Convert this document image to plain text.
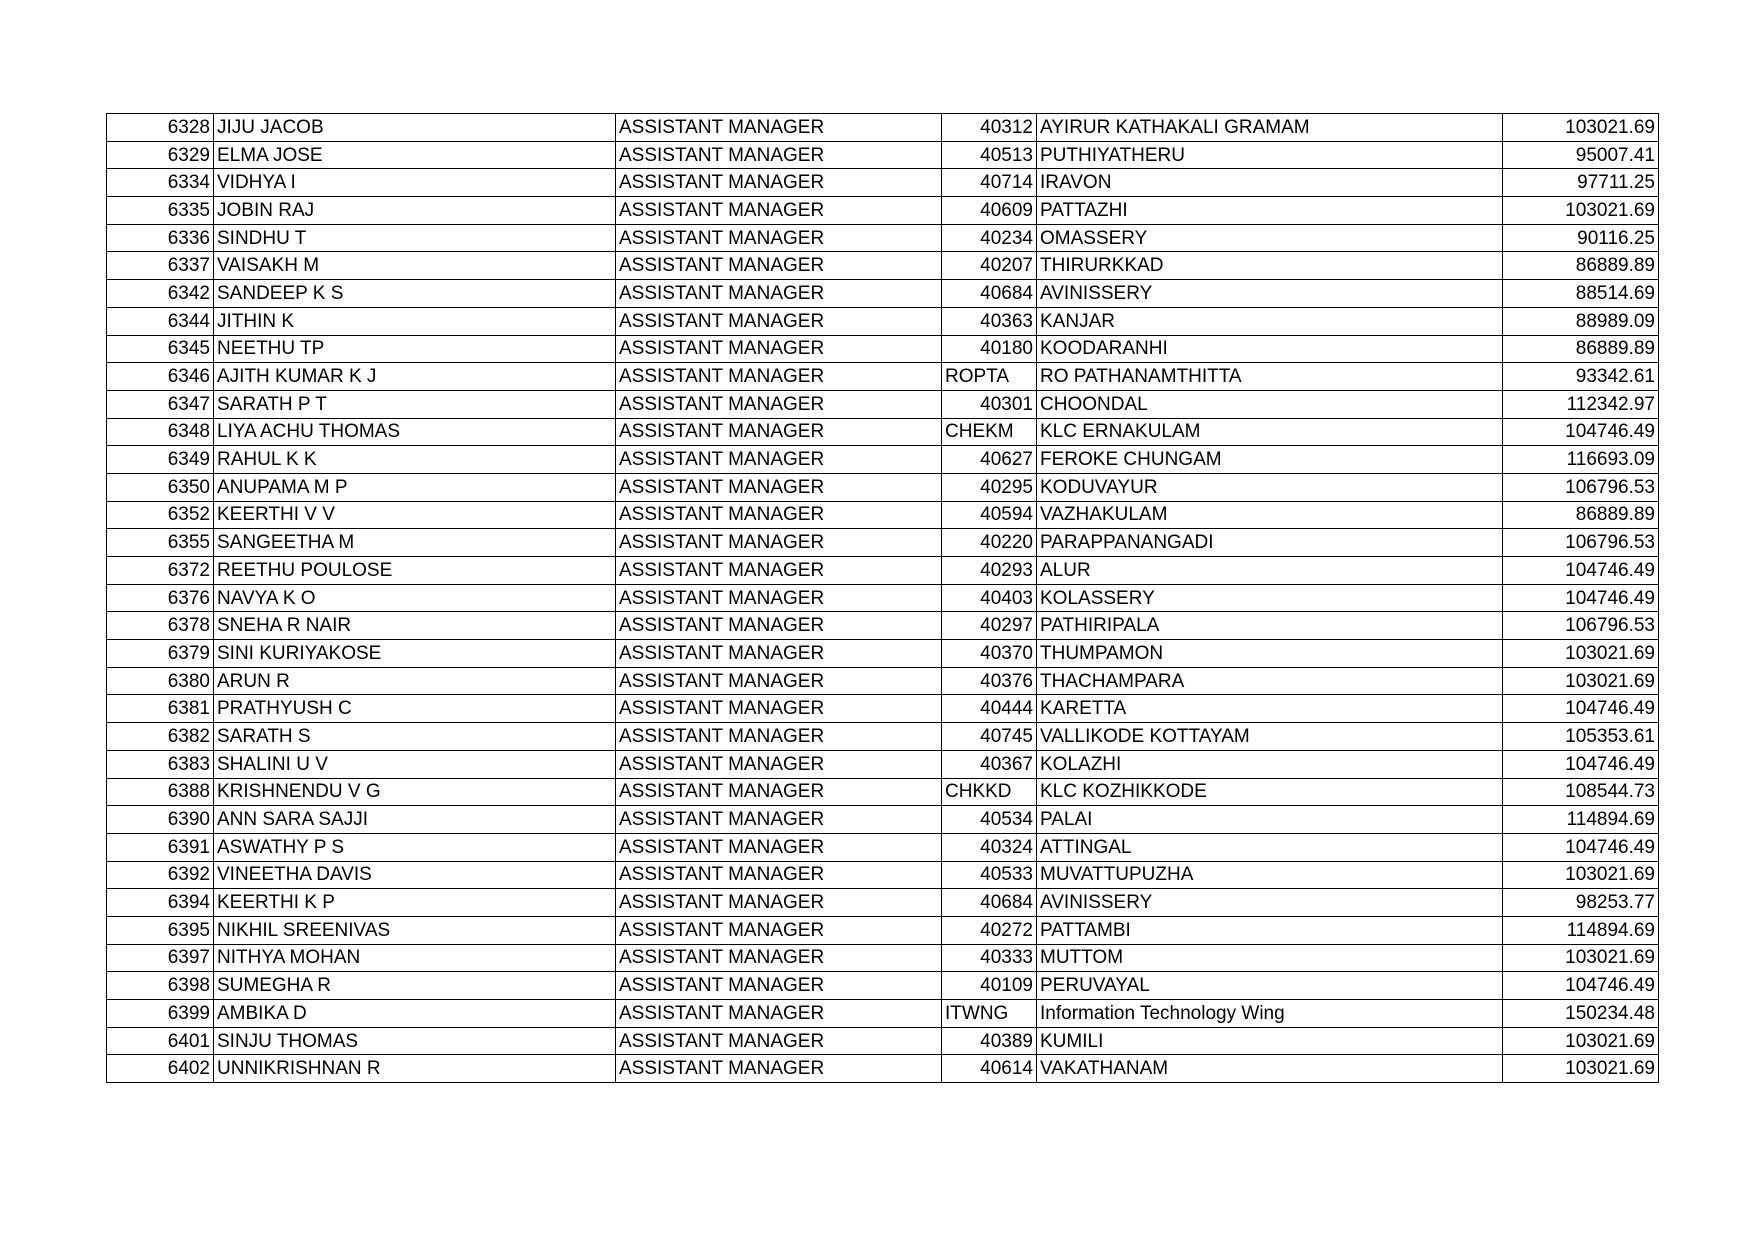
6328	JIJU JACOB	ASSISTANT MANAGER	40312	AYIRUR KATHAKALI GRAMAM	103021.69
6329	ELMA JOSE	ASSISTANT MANAGER	40513	PUTHIYATHERU	95007.41
6334	VIDHYA I	ASSISTANT MANAGER	40714	IRAVON	97711.25
6335	JOBIN RAJ	ASSISTANT MANAGER	40609	PATTAZHI	103021.69
6336	SINDHU T	ASSISTANT MANAGER	40234	OMASSERY	90116.25
6337	VAISAKH M	ASSISTANT MANAGER	40207	THIRURKKAD	86889.89
6342	SANDEEP K S	ASSISTANT MANAGER	40684	AVINISSERY	88514.69
6344	JITHIN K	ASSISTANT MANAGER	40363	KANJAR	88989.09
6345	NEETHU TP	ASSISTANT MANAGER	40180	KOODARANHI	86889.89
6346	AJITH KUMAR K J	ASSISTANT MANAGER	ROPTA	RO PATHANAMTHITTA	93342.61
6347	SARATH P T	ASSISTANT MANAGER	40301	CHOONDAL	112342.97
6348	LIYA ACHU THOMAS	ASSISTANT MANAGER	CHEKM	KLC ERNAKULAM	104746.49
6349	RAHUL K K	ASSISTANT MANAGER	40627	FEROKE CHUNGAM	116693.09
6350	ANUPAMA M P	ASSISTANT MANAGER	40295	KODUVAYUR	106796.53
6352	KEERTHI V V	ASSISTANT MANAGER	40594	VAZHAKULAM	86889.89
6355	SANGEETHA M	ASSISTANT MANAGER	40220	PARAPPANANGADI	106796.53
6372	REETHU POULOSE	ASSISTANT MANAGER	40293	ALUR	104746.49
6376	NAVYA K O	ASSISTANT MANAGER	40403	KOLASSERY	104746.49
6378	SNEHA R NAIR	ASSISTANT MANAGER	40297	PATHIRIPALA	106796.53
6379	SINI KURIYAKOSE	ASSISTANT MANAGER	40370	THUMPAMON	103021.69
6380	ARUN R	ASSISTANT MANAGER	40376	THACHAMPARA	103021.69
6381	PRATHYUSH C	ASSISTANT MANAGER	40444	KARETTA	104746.49
6382	SARATH S	ASSISTANT MANAGER	40745	VALLIKODE KOTTAYAM	105353.61
6383	SHALINI U V	ASSISTANT MANAGER	40367	KOLAZHI	104746.49
6388	KRISHNENDU V G	ASSISTANT MANAGER	CHKKD	KLC KOZHIKKODE	108544.73
6390	ANN SARA SAJJI	ASSISTANT MANAGER	40534	PALAI	114894.69
6391	ASWATHY P S	ASSISTANT MANAGER	40324	ATTINGAL	104746.49
6392	VINEETHA DAVIS	ASSISTANT MANAGER	40533	MUVATTUPUZHA	103021.69
6394	KEERTHI K P	ASSISTANT MANAGER	40684	AVINISSERY	98253.77
6395	NIKHIL SREENIVAS	ASSISTANT MANAGER	40272	PATTAMBI	114894.69
6397	NITHYA MOHAN	ASSISTANT MANAGER	40333	MUTTOM	103021.69
6398	SUMEGHA R	ASSISTANT MANAGER	40109	PERUVAYAL	104746.49
6399	AMBIKA D	ASSISTANT MANAGER	ITWNG	Information Technology Wing	150234.48
6401	SINJU THOMAS	ASSISTANT MANAGER	40389	KUMILI	103021.69
6402	UNNIKRISHNAN R	ASSISTANT MANAGER	40614	VAKATHANAM	103021.69
